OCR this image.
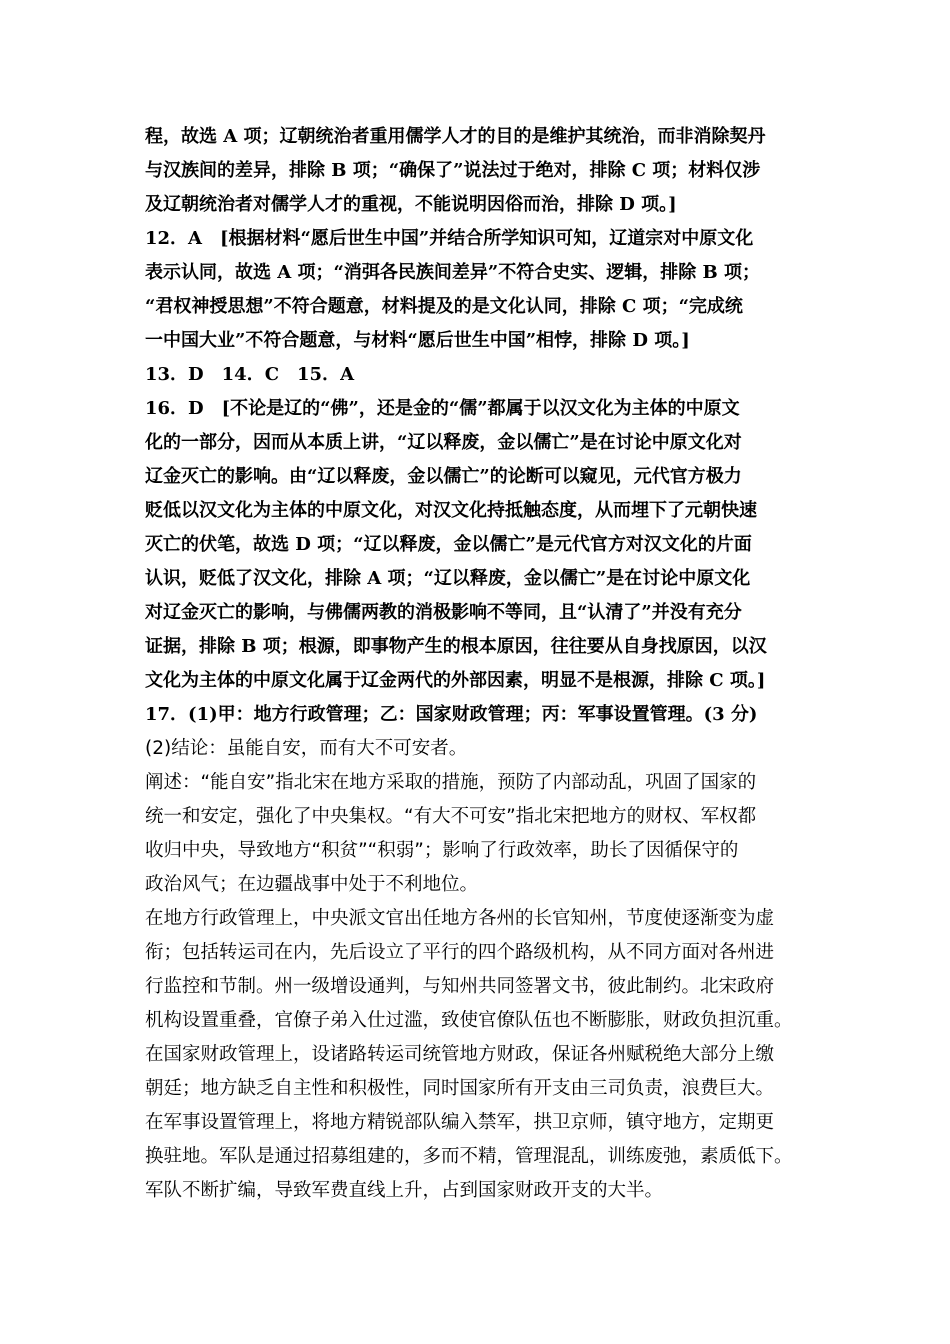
程，故选 A 项；辽朝统治者重用儒学人才的目的是维护其统治，而非消除契丹
与汉族间的差异，排除 B 项；“确保了”说法过于绝对，排除 C 项；材料仅涉
及辽朝统治者对儒学人才的重视，不能说明因俗而治，排除 D 项。]
12．A　[根据材料“愿后世生中国”并结合所学知识可知，辽道宗对中原文化
表示认同，故选 A 项；“消弭各民族间差异”不符合史实、逻辑，排除 B 项；
“君权神授思想”不符合题意，材料提及的是文化认同，排除 C 项；“完成统
一中国大业”不符合题意，与材料“愿后世生中国”相悖，排除 D 项。]
13．D　14．C　15．A
16．D　[不论是辽的“佛”，还是金的“儒”都属于以汉文化为主体的中原文
化的一部分，因而从本质上讲，“辽以释废，金以儒亡”是在讨论中原文化对
辽金灭亡的影响。由“辽以释废，金以儒亡”的论断可以窥见，元代官方极力
贬低以汉文化为主体的中原文化，对汉文化持抵触态度，从而埋下了元朝快速
灭亡的伏笔，故选 D 项；“辽以释废，金以儒亡”是元代官方对汉文化的片面
认识，贬低了汉文化，排除 A 项；“辽以释废，金以儒亡”是在讨论中原文化
对辽金灭亡的影响，与佛儒两教的消极影响不等同，且“认清了”并没有充分
证据，排除 B 项；根源，即事物产生的根本原因，往往要从自身找原因，以汉
文化为主体的中原文化属于辽金两代的外部因素，明显不是根源，排除 C 项。]
17．(1)甲：地方行政管理；乙：国家财政管理；丙：军事设置管理。(3 分)
(2)结论：虽能自安，而有大不可安者。
阐述：“能自安”指北宋在地方采取的措施，预防了内部动乱，巩固了国家的
统一和安定，强化了中央集权。“有大不可安”指北宋把地方的财权、军权都
收归中央，导致地方“积贫”“积弱”；影响了行政效率，助长了因循保守的
政治风气；在边疆战事中处于不利地位。
在地方行政管理上，中央派文官出任地方各州的长官知州，节度使逐渐变为虚
衔；包括转运司在内，先后设立了平行的四个路级机构，从不同方面对各州进
行监控和节制。州一级增设通判，与知州共同签署文书，彼此制约。北宋政府
机构设置重叠，官僚子弟入仕过滥，致使官僚队伍也不断膨胀，财政负担沉重。
在国家财政管理上，设诸路转运司统管地方财政，保证各州赋税绝大部分上缴
朝廷；地方缺乏自主性和积极性，同时国家所有开支由三司负责，浪费巨大。
在军事设置管理上，将地方精锐部队编入禁军，拱卫京师，镇守地方，定期更
换驻地。军队是通过招募组建的，多而不精，管理混乱，训练废弛，素质低下。
军队不断扩编，导致军费直线上升，占到国家财政开支的大半。
